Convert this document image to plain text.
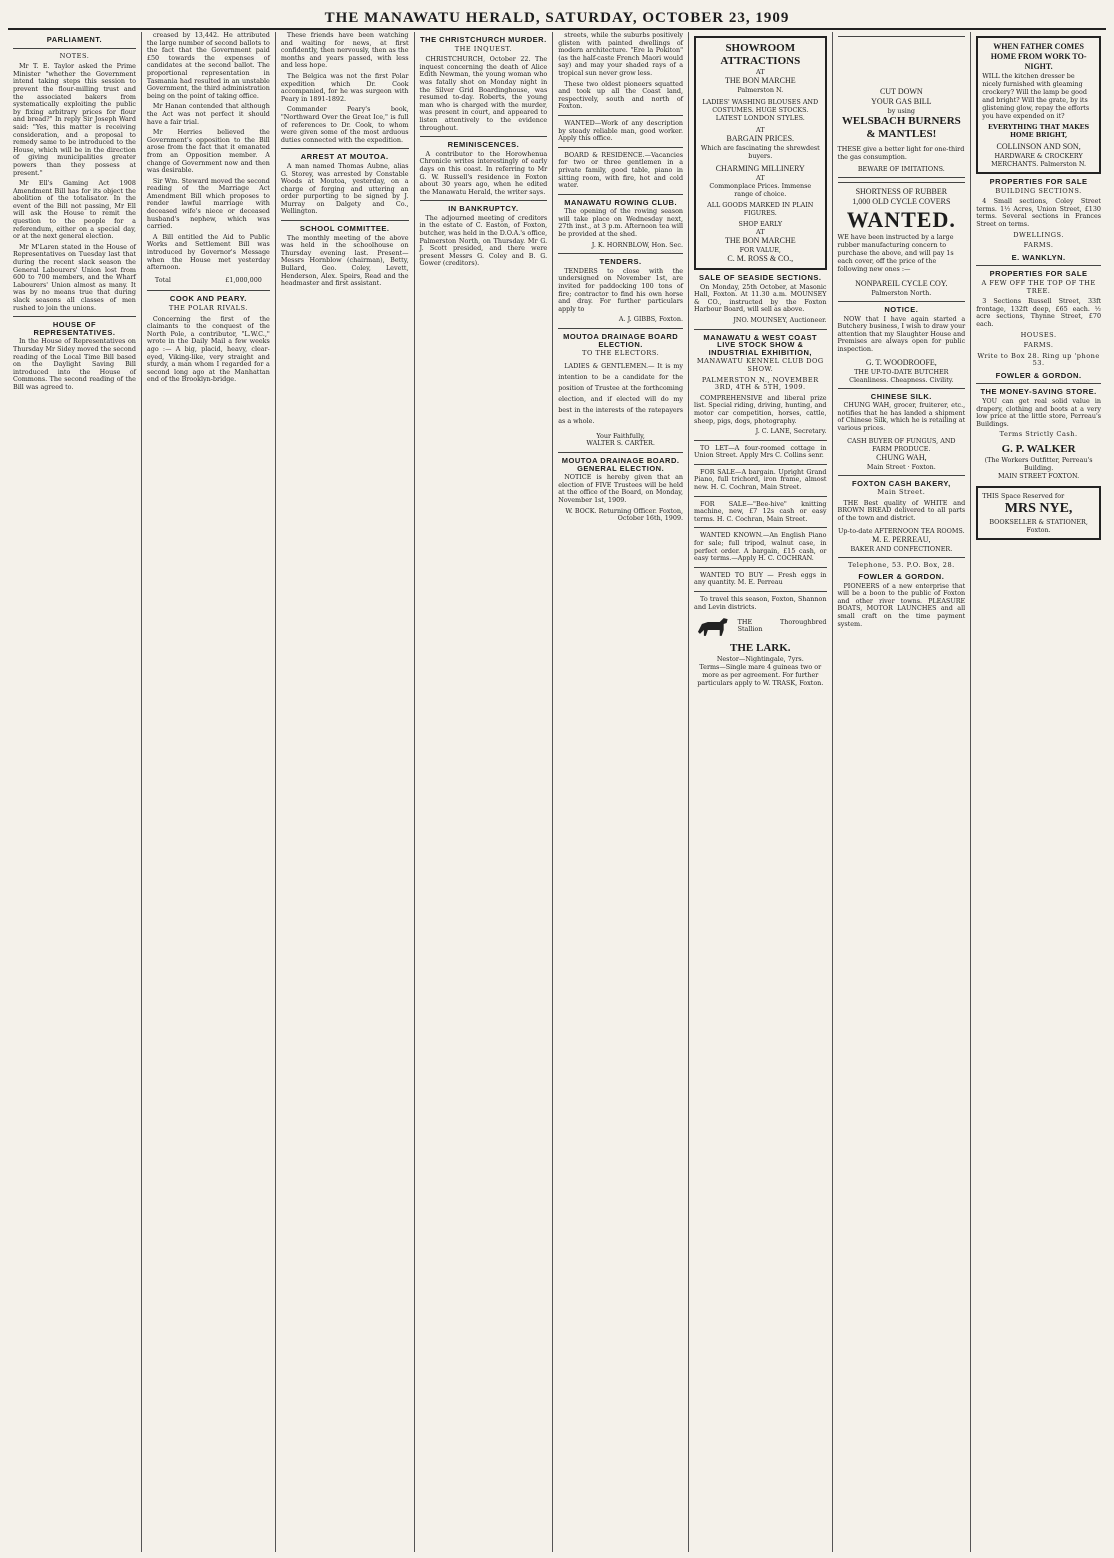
THE MANAWATU HERALD, SATURDAY, OCTOBER 23, 1909
PARLIAMENT.
NOTES.

Mr T. E. Taylor asked the Prime Minister "whether the Government intend taking steps this session to prevent the flour-milling trust and the associated bakers from systematically exploiting the public by fixing arbitrary prices for flour and bread?" In reply Sir Joseph Ward said: "Yes, this matter is receiving consideration, and a proposal to remedy same to be introduced to the House, which will be in the direction of giving municipalities greater powers than they possess at present."

Mr Ell's Gaming Act 1908 Amendment Bill has for its object the abolition of the totalisator. In the event of the Bill not passing, Mr Ell will ask the House to remit the question to the people for a referendum, either on a special day, or at the next general election.

Mr M'Laren stated in the House of Representatives on Tuesday last that during the recent slack season the General Labourers' Union lost from 600 to 700 members, and the Wharf Labourers' Union almost as many. It was by no means true that during slack seasons all classes of men rushed to join the unions.

HOUSE OF REPRESENTATIVES.

In the House of Representatives on Thursday Mr Sidey moved the second reading of the Local Time Bill based on the Daylight Saving Bill introduced into the House of Commons. The second reading of the Bill was agreed to.

creased by 13,442. He attributed the large number of second ballots to the fact that the Government paid £50 towards the expenses of candidates at the second ballot. The proportional representation in Tasmania had resulted in an unstable Government, the third administration being on the point of taking office.

Mr Hanan contended that although the Act was not perfect it should have a fair trial.

Mr Herries believed the Government's opposition to the Bill arose from the fact that it emanated from an Opposition member. A change of Government now and then was desirable.

Sir Wm. Steward moved the second reading of the Marriage Act Amendment Bill which proposes to render lawful marriage with deceased wife's niece or deceased husband's nephew, which was carried.

A Bill entitled the Aid to Public Works and Settlement Bill was introduced by Governor's Message when the House met yesterday afternoon.

Total	£1,000,000
COOK AND PEARY.
THE POLAR RIVALS.

Concerning the first of the claimants to the conquest of the North Pole, a contributor, "L.W.C.," wrote in the Daily Mail a few weeks ago :— A big, placid, heavy, clear-eyed, Viking-like, very straight and sturdy, a man whom I regarded for a second long ago at the Manhattan end of the Brooklyn-bridge.

These friends have been watching and waiting for news, at first confidently, then nervously, then as the months and years passed, with less and less hope.

The Belgica was not the first Polar expedition which Dr. Cook accompanied, for he was surgeon with Peary in 1891-1892.

Commander Peary's book, "Northward Over the Great Ice," is full of references to Dr. Cook, to whom were given some of the most arduous duties connected with the expedition.

ARREST AT MOUTOA.

A man named Thomas Aubne, alias G. Storey, was arrested by Constable Woods at Moutoa, yesterday, on a charge of forging and uttering an order purporting to be signed by J. Murray on Dalgety and Co., Wellington.

SCHOOL COMMITTEE.

The monthly meeting of the above was held in the schoolhouse on Thursday evening last. Present—Messrs Hornblow (chairman), Betty, Bullard, Geo. Coley, Levett, Henderson, Alex. Speirs, Read and the headmaster and first assistant.

THE CHRISTCHURCH MURDER.
THE INQUEST.

CHRISTCHURCH, October 22. The inquest concerning the death of Alice Edith Newman, the young woman who was fatally shot on Monday night in the Silver Grid Boardinghouse, was resumed to-day. Roberts, the young man who is charged with the murder, was present in court, and appeared to listen attentively to the evidence throughout.

REMINISCENCES.

A contributor to the Horowhenua Chronicle writes interestingly of early days on this coast. In referring to Mr G. W. Russell's residence in Foxton about 30 years ago, when he edited the Manawatu Herald, the writer says.

IN BANKRUPTCY.

The adjourned meeting of creditors in the estate of C. Easton, of Foxton, butcher, was held in the D.O.A.'s office, Palmerston North, on Thursday. Mr G. J. Scott presided, and there were present Messrs G. Coley and B. G. Gower (creditors).

streets, while the suburbs positively glisten with painted dwellings of modern architecture. "Ere la Pokiton" (as the half-caste French Maori would say) and may your shaded rays of a tropical sun never grow less.

These two oldest pioneers squatted and took up all the Coast land, respectively, south and north of Foxton.

WANTED—Work of any description by steady reliable man, good worker. Apply this office.

BOARD & RESIDENCE.—Vacancies for two or three gentlemen in a private family, good table, piano in sitting room, with fire, hot and cold water.

MANAWATU ROWING CLUB.

The opening of the rowing season will take place on Wednesday next, 27th inst., at 3 p.m. Afternoon tea will be provided at the shed.

J. K. HORNBLOW, Hon. Sec.
TENDERS.

TENDERS to close with the undersigned on November 1st, are invited for paddocking 100 tons of fire; contractor to find his own horse and dray. For further particulars apply to

A. J. GIBBS, Foxton.
MOUTOA DRAINAGE BOARD ELECTION.
TO THE ELECTORS.

LADIES & GENTLEMEN.— It is my intention to be a candidate for the position of Trustee at the forthcoming election, and if elected will do my best in the interests of the ratepayers as a whole.

Your Faithfully,
WALTER S. CARTER.
MOUTOA DRAINAGE BOARD. GENERAL ELECTION.

NOTICE is hereby given that an election of FIVE Trustees will be held at the office of the Board, on Monday, November 1st, 1909.

W. BOCK. Returning Officer. Foxton, October 16th, 1909.
SHOWROOM
ATTRACTIONS
AT
THE BON MARCHE
Palmerston N.
LADIES' WASHING BLOUSES AND COSTUMES. HUGE STOCKS. LATEST LONDON STYLES.
AT
BARGAIN PRICES.
Which are fascinating the shrewdest buyers.
CHARMING MILLINERY
AT
Commonplace Prices. Immense range of choice.
ALL GOODS MARKED IN PLAIN FIGURES.
SHOP EARLY
AT
THE BON MARCHE
FOR VALUE,
C. M. ROSS & CO.,
SALE OF SEASIDE SECTIONS.

On Monday, 25th October, at Masonic Hall, Foxton. At 11.30 a.m. MOUNSEY & CO., instructed by the Foxton Harbour Board, will sell as above.

JNO. MOUNSEY, Auctioneer.
MANAWATU & WEST COAST LIVE STOCK SHOW & INDUSTRIAL EXHIBITION,
MANAWATU KENNEL CLUB DOG SHOW.
PALMERSTON N., NOVEMBER 3RD, 4TH & 5TH, 1909.

COMPREHENSIVE and liberal prize list. Special riding, driving, hunting, and motor car competition, horses, cattle, sheep, pigs, dogs, photography.

J. C. LANE, Secretary.

TO LET—A four-roomed cottage in Union Street. Apply Mrs C. Collins senr.

FOR SALE—A bargain. Upright Grand Piano, full trichord, iron frame, almost new. H. C. Cochran, Main Street.

FOR SALE—"Bee-hive" knitting machine, new, £7 12s cash or easy terms. H. C. Cochran, Main Street.

WANTED KNOWN.—An English Piano for sale; full tripod, walnut case, in perfect order. A bargain, £15 cash, or easy terms.—Apply H. C. COCHRAN.

WANTED TO BUY — Fresh eggs in any quantity. M. E. Perreau

To travel this season, Foxton, Shannon and Levin districts.

THE Thoroughbred Stallion
THE LARK.
Nestor—Nightingale, 7yrs.
Terms—Single mare 4 guineas two or more as per agreement. For further particulars apply to W. TRASK, Foxton.
CUT DOWN
YOUR GAS BILL
by using
WELSBACH BURNERS & MANTLES!
THESE give a better light for one-third the gas consumption.
BEWARE OF IMITATIONS.
SHORTNESS OF RUBBER
1,000 OLD CYCLE COVERS
WANTED.
WE have been instructed by a large rubber manufacturing concern to purchase the above, and will pay 1s each cover, off the price of the following new ones :—
NONPAREIL CYCLE COY.
Palmerston North.
NOTICE.

NOW that I have again started a Butchery business, I wish to draw your attention that my Slaughter House and Premises are always open for public inspection.

G. T. WOODROOFE,
THE UP-TO-DATE BUTCHER
Cleanliness. Cheapness. Civility.
CHINESE SILK.

CHUNG WAH, grocer, fruiterer, etc., notifies that he has landed a shipment of Chinese Silk, which he is retailing at various prices.

CASH BUYER OF FUNGUS, AND FARM PRODUCE.
CHUNG WAH,
Main Street · Foxton.
FOXTON CASH BAKERY,
Main Street.

THE Best quality of WHITE and BROWN BREAD delivered to all parts of the town and district.

Up-to-date AFTERNOON TEA ROOMS.
M. E. PERREAU,
BAKER AND CONFECTIONER.
Telephone, 53. P.O. Box, 28.
FOWLER & GORDON.

PIONEERS of a new enterprise that will be a boon to the public of Foxton and other river towns. PLEASURE BOATS, MOTOR LAUNCHES and all small craft on the time payment system.

WHEN FATHER COMES HOME FROM WORK TO-NIGHT.
WILL the kitchen dresser be nicely furnished with gleaming crockery? Will the lamp be good and bright? Will the grate, by its glistening glow, repay the efforts you have expended on it?
EVERYTHING THAT MAKES HOME BRIGHT,
COLLINSON AND SON,
HARDWARE & CROCKERY MERCHANTS. Palmerston N.
PROPERTIES FOR SALE
BUILDING SECTIONS.

4 Small sections, Coley Street terms. 1½ Acres, Union Street, £130 terms. Several sections in Frances Street on terms.

DWELLINGS.
FARMS.
E. WANKLYN.
PROPERTIES FOR SALE
A FEW OFF THE TOP OF THE TREE.

3 Sections Russell Street, 33ft frontage, 132ft deep, £65 each. ½ acre sections, Thynne Street, £70 each.

HOUSES.
FARMS.
Write to Box 28. Ring up 'phone 53.
FOWLER & GORDON.
THE MONEY-SAVING STORE.

YOU can get real solid value in drapery, clothing and boots at a very low price at the little store, Perreau's Buildings.

Terms Strictly Cash.
G. P. WALKER
(The Workers Outfitter, Perreau's Building.
MAIN STREET FOXTON.
THIS Space Reserved for
MRS NYE,
BOOKSELLER & STATIONER, Foxton.
